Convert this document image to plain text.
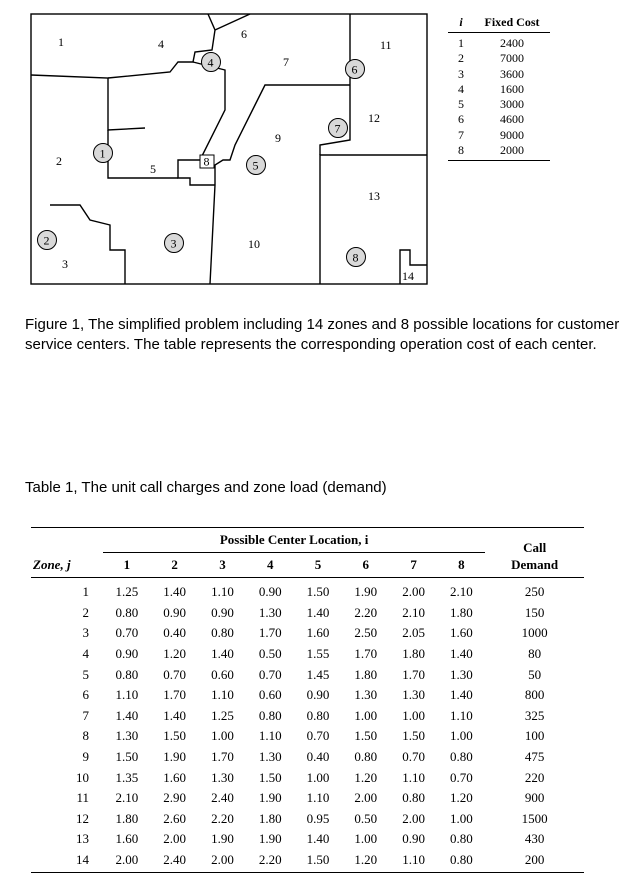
1
2
3
4
5
6
7
9
10
11
12
13
14
1
2	3
4
5
6
7
8
8
i	Fixed Cost
1	2400
2	7000
3	3600
4	1600
5	3000
6	4600
7	9000
8	2000
Figure 1, The simplified problem including 14 zones and 8 possible locations for customer service centers. The table represents the corresponding operation cost of each center.
Table 1, The unit call charges and zone load (demand)
	Possible Center Location, i								Call
Demand
Zone, j	1	2	3	4	5	6	7	8	
1	1.25	1.40	1.10	0.90	1.50	1.90	2.00	2.10	250
2	0.80	0.90	0.90	1.30	1.40	2.20	2.10	1.80	150
3	0.70	0.40	0.80	1.70	1.60	2.50	2.05	1.60	1000
4	0.90	1.20	1.40	0.50	1.55	1.70	1.80	1.40	80
5	0.80	0.70	0.60	0.70	1.45	1.80	1.70	1.30	50
6	1.10	1.70	1.10	0.60	0.90	1.30	1.30	1.40	800
7	1.40	1.40	1.25	0.80	0.80	1.00	1.00	1.10	325
8	1.30	1.50	1.00	1.10	0.70	1.50	1.50	1.00	100
9	1.50	1.90	1.70	1.30	0.40	0.80	0.70	0.80	475
10	1.35	1.60	1.30	1.50	1.00	1.20	1.10	0.70	220
11	2.10	2.90	2.40	1.90	1.10	2.00	0.80	1.20	900
12	1.80	2.60	2.20	1.80	0.95	0.50	2.00	1.00	1500
13	1.60	2.00	1.90	1.90	1.40	1.00	0.90	0.80	430
14	2.00	2.40	2.00	2.20	1.50	1.20	1.10	0.80	200
